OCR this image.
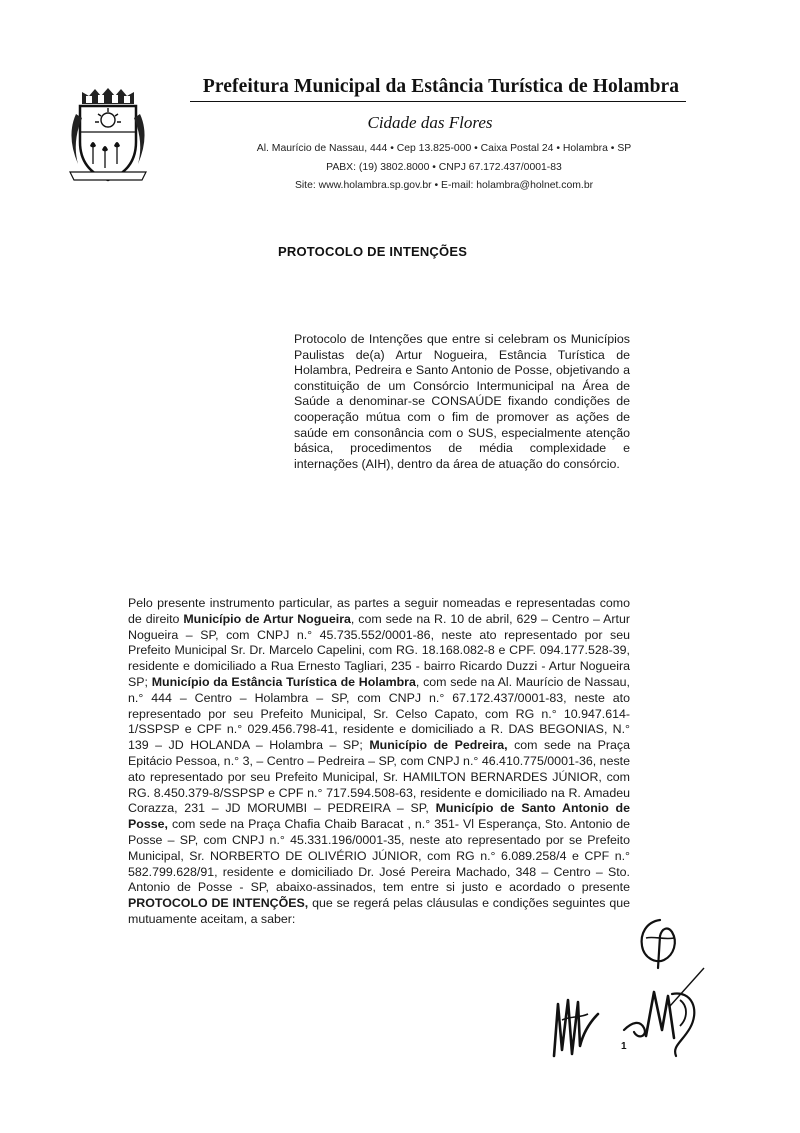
Prefeitura Municipal da Estância Turística de Holambra
Cidade das Flores
Al. Maurício de Nassau, 444 • Cep 13.825-000 • Caixa Postal 24 • Holambra • SP
PABX: (19) 3802.8000 • CNPJ 67.172.437/0001-83
Site: www.holambra.sp.gov.br • E-mail: holambra@holnet.com.br
PROTOCOLO DE INTENÇÕES
Protocolo de Intenções que entre si celebram os Municípios Paulistas de(a) Artur Nogueira, Estância Turística de Holambra, Pedreira e Santo Antonio de Posse, objetivando a constituição de um Consórcio Intermunicipal na Área de Saúde a denominar-se CONSAÚDE fixando condições de cooperação mútua com o fim de promover as ações de saúde em consonância com o SUS, especialmente atenção básica, procedimentos de média complexidade e internações (AIH), dentro da área de atuação do consórcio.
Pelo presente instrumento particular, as partes a seguir nomeadas e representadas como de direito Município de Artur Nogueira, com sede na R. 10 de abril, 629 – Centro – Artur Nogueira – SP, com CNPJ n.° 45.735.552/0001-86, neste ato representado por seu Prefeito Municipal Sr. Dr. Marcelo Capelini, com RG. 18.168.082-8 e CPF. 094.177.528-39, residente e domiciliado a Rua Ernesto Tagliari, 235 - bairro Ricardo Duzzi - Artur Nogueira SP; Município da Estância Turística de Holambra, com sede na Al. Maurício de Nassau, n.° 444 – Centro – Holambra – SP, com CNPJ n.° 67.172.437/0001-83, neste ato representado por seu Prefeito Municipal, Sr. Celso Capato, com RG n.° 10.947.614-1/SSPSP e CPF n.° 029.456.798-41, residente e domiciliado a R. DAS BEGONIAS, N.° 139 – JD HOLANDA – Holambra – SP; Município de Pedreira, com sede na Praça Epitácio Pessoa, n.° 3, – Centro – Pedreira – SP, com CNPJ n.° 46.410.775/0001-36, neste ato representado por seu Prefeito Municipal, Sr. HAMILTON BERNARDES JÚNIOR, com RG. 8.450.379-8/SSPSP e CPF n.° 717.594.508-63, residente e domiciliado na R. Amadeu Corazza, 231 – JD MORUMBI – PEDREIRA – SP, Município de Santo Antonio de Posse, com sede na Praça Chafia Chaib Baracat , n.° 351- Vl Esperança, Sto. Antonio de Posse – SP, com CNPJ n.° 45.331.196/0001-35, neste ato representado por se Prefeito Municipal, Sr. NORBERTO DE OLIVÉRIO JÚNIOR, com RG n.° 6.089.258/4 e CPF n.° 582.799.628/91, residente e domiciliado Dr. José Pereira Machado, 348 – Centro – Sto. Antonio de Posse - SP, abaixo-assinados, tem entre si justo e acordado o presente PROTOCOLO DE INTENÇÕES, que se regerá pelas cláusulas e condições seguintes que mutuamente aceitam, a saber:
1
